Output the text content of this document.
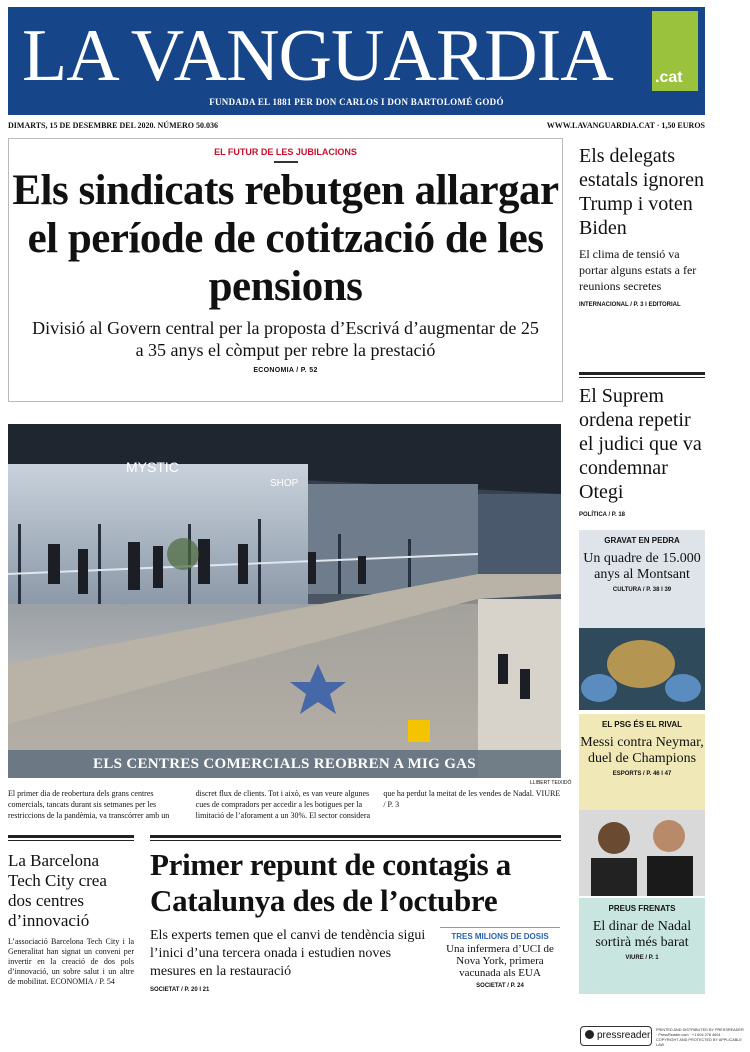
LA VANGUARDIA	.cat
FUNDADA EL 1881 PER DON CARLOS I DON BARTOLOMÉ GODÓ
DIMARTS, 15 DE DESEMBRE DEL 2020. NÚMERO 50.036	WWW.LAVANGUARDIA.CAT · 1,50 EUROS
EL FUTUR DE LES JUBILACIONS
Els sindicats rebutgen allargar el període de cotització de les pensions

Divisió al Govern central per la proposta d’Escrivá d’augmentar de 25 a 35 anys el còmput per rebre la prestació

ECONOMIA / P. 52
MYSTIC
SHOP
ELS CENTRES COMERCIALS REOBREN A MIG GAS
LLIBERT TEIXIDÓ
El primer dia de reobertura dels grans centres comercials, tancats durant sis setmanes per les restriccions de la pandèmia, va transcórrer amb un discret flux de clients. Tot i això, es van veure algunes cues de compradors per accedir a les botigues per la limitació de l’aforament a un 30%. El sector considera que ha perdut la meitat de les vendes de Nadal. VIURE / P. 3
Els delegats estatals ignoren Trump i voten Biden
El clima de tensió va portar alguns estats a fer reunions secretes
INTERNACIONAL / P. 3 I EDITORIAL
El Suprem ordena repetir el judici que va condemnar Otegi
POLÍTICA / P. 18
GRAVAT EN PEDRA
Un quadre de 15.000 anys al Montsant
CULTURA / P. 38 I 39
EL PSG ÉS EL RIVAL
Messi contra Neymar, duel de Champions
ESPORTS / P. 46 I 47
PREUS FRENATS
El dinar de Nadal sortirà més barat
VIURE / P. 1
La Barcelona Tech City crea dos centres d’innovació

L’associació Barcelona Tech City i la Generalitat han signat un conveni per invertir en la creació de dos pols d’innovació, un sobre salut i un altre de mobilitat. ECONOMIA / P. 54

Primer repunt de contagis a Catalunya des de l’octubre
Els experts temen que el canvi de tendència sigui l’inici d’una tercera onada i estudien noves mesures en la restauració
SOCIETAT / P. 20 I 21
TRES MILIONS DE DOSIS
Una infermera d’UCI de Nova York, primera vacunada als EUA
SOCIETAT / P. 24
pressreader	PRINTED AND DISTRIBUTED BY PRESSREADER · PressReader.com · +1 604 278 4604 · COPYRIGHT AND PROTECTED BY APPLICABLE LAW
